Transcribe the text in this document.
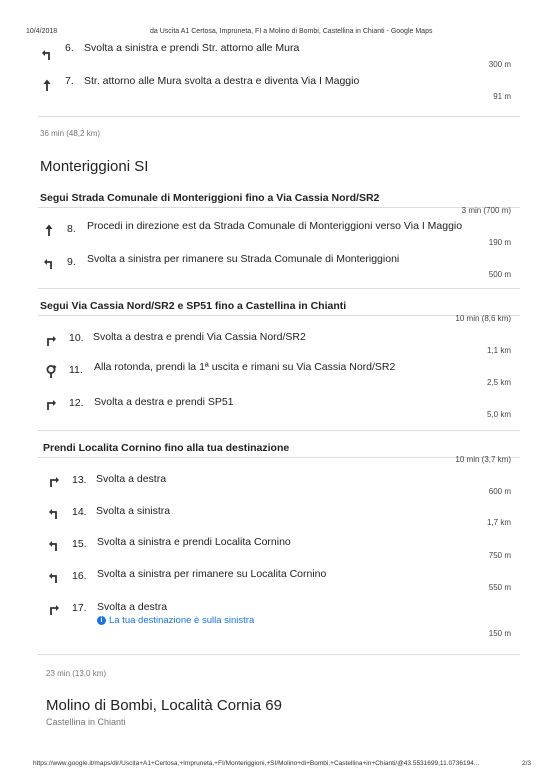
10/4/2018	da Uscita A1 Certosa, Impruneta, FI a Molino di Bombi, Castellina in Chianti - Google Maps
6. Svolta a sinistra e prendi Str. attorno alle Mura
300 m
7. Str. attorno alle Mura svolta a destra e diventa Via I Maggio
91 m
36 min (48,2 km)
Monteriggioni SI
Segui Strada Comunale di Monteriggioni fino a Via Cassia Nord/SR2
3 min (700 m)
8. Procedi in direzione est da Strada Comunale di Monteriggioni verso Via I Maggio
190 m
9. Svolta a sinistra per rimanere su Strada Comunale di Monteriggioni
500 m
Segui Via Cassia Nord/SR2 e SP51 fino a Castellina in Chianti
10 min (8,6 km)
10. Svolta a destra e prendi Via Cassia Nord/SR2
1,1 km
11. Alla rotonda, prendi la 1ª uscita e rimani su Via Cassia Nord/SR2
2,5 km
12. Svolta a destra e prendi SP51
5,0 km
Prendi Localita Cornino fino alla tua destinazione
10 min (3,7 km)
13. Svolta a destra
600 m
14. Svolta a sinistra
1,7 km
15. Svolta a sinistra e prendi Localita Cornino
750 m
16. Svolta a sinistra per rimanere su Localita Cornino
550 m
17. Svolta a destra
i La tua destinazione è sulla sinistra
150 m
23 min (13,0 km)
Molino di Bombi, Località Cornia 69
Castellina in Chianti
https://www.google.it/maps/dir/Uscita+A1+Certosa,+Impruneta,+FI/Monteriggioni,+SI/Molino+di+Bombi,+Castellina+in+Chianti/@43.5531699,11.0736194...	2/3
